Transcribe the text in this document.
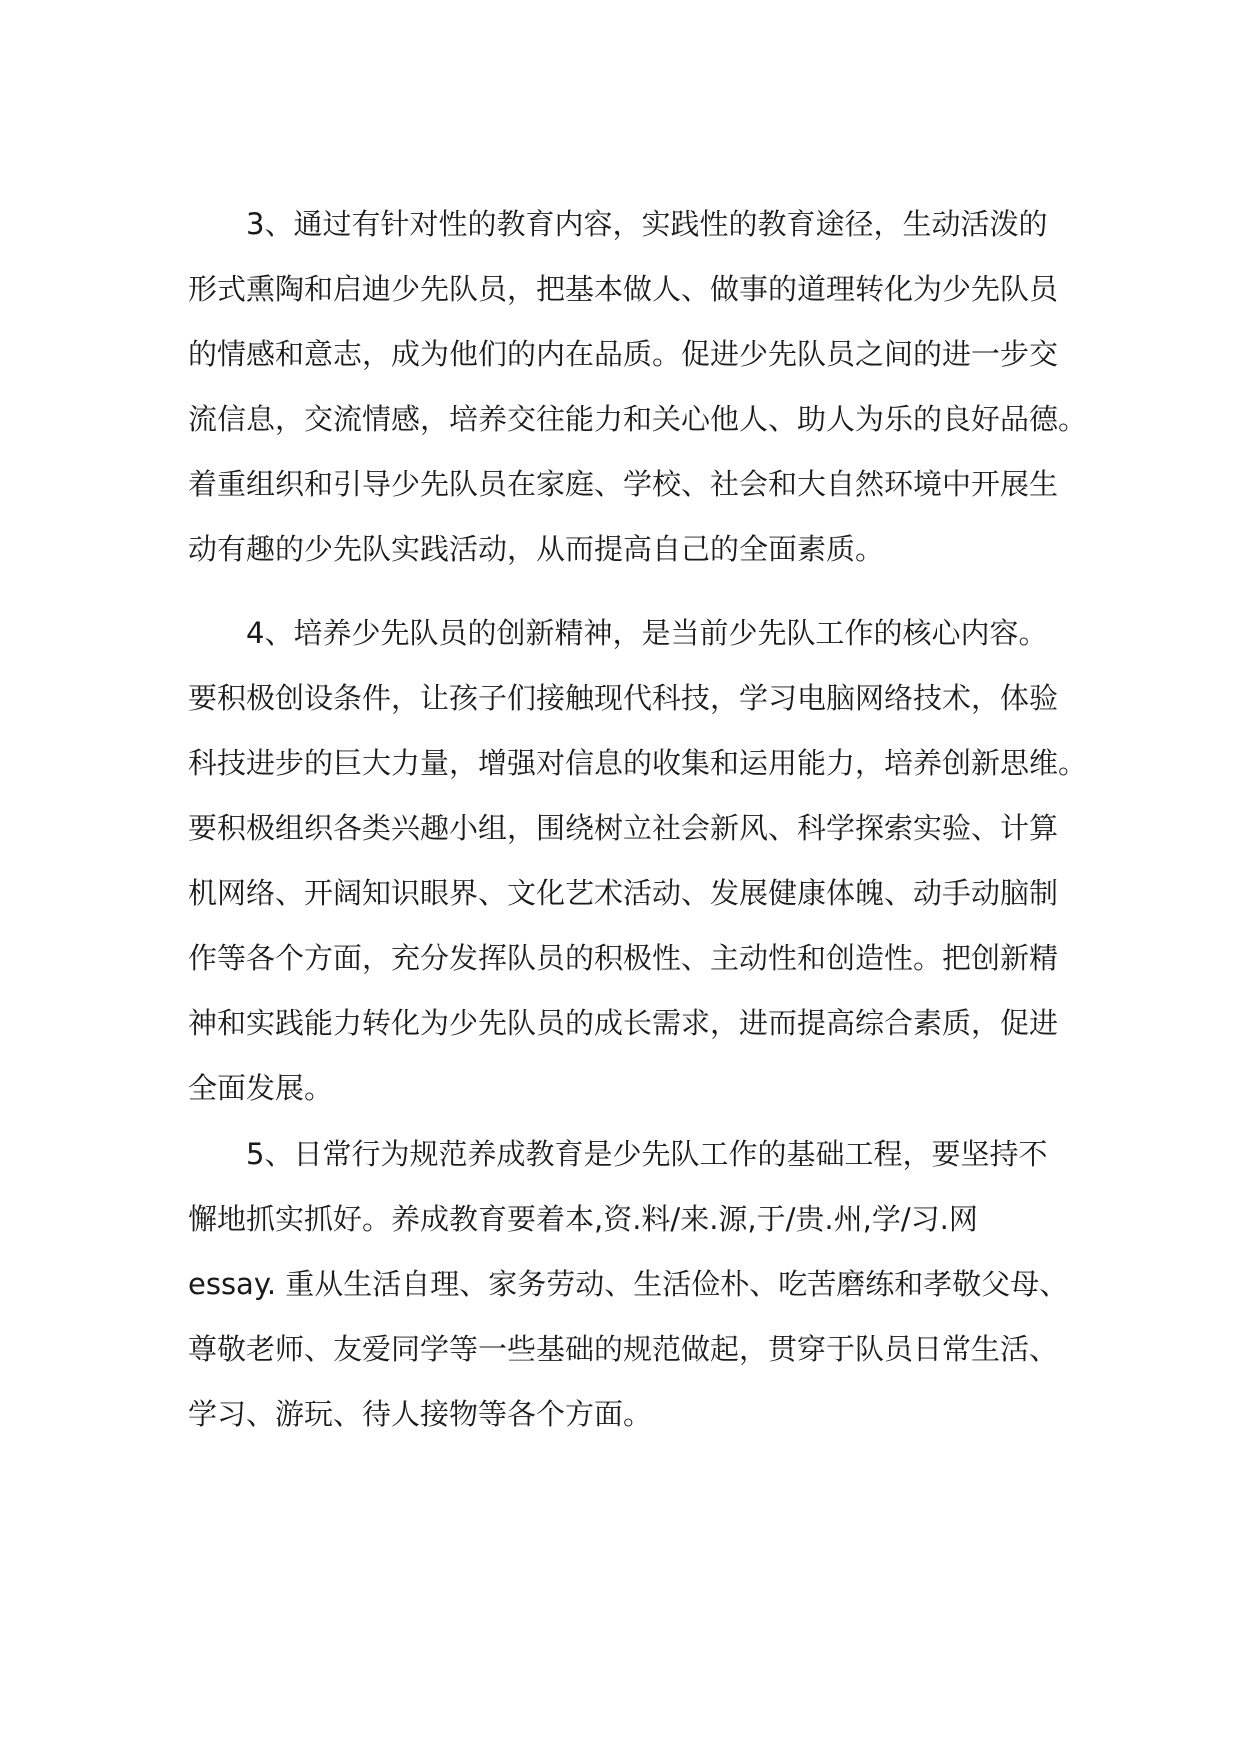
3、通过有针对性的教育内容，实践性的教育途径，生动活泼的
形式熏陶和启迪少先队员，把基本做人、做事的道理转化为少先队员
的情感和意志，成为他们的内在品质。促进少先队员之间的进一步交
流信息，交流情感，培养交往能力和关心他人、助人为乐的良好品德。
着重组织和引导少先队员在家庭、学校、社会和大自然环境中开展生
动有趣的少先队实践活动，从而提高自己的全面素质。
4、培养少先队员的创新精神，是当前少先队工作的核心内容。
要积极创设条件，让孩子们接触现代科技，学习电脑网络技术，体验
科技进步的巨大力量，增强对信息的收集和运用能力，培养创新思维。
要积极组织各类兴趣小组，围绕树立社会新风、科学探索实验、计算
机网络、开阔知识眼界、文化艺术活动、发展健康体魄、动手动脑制
作等各个方面，充分发挥队员的积极性、主动性和创造性。把创新精
神和实践能力转化为少先队员的成长需求，进而提高综合素质，促进
全面发展。
5、日常行为规范养成教育是少先队工作的基础工程，要坚持不
懈地抓实抓好。养成教育要着本,资.料/来.源,于/贵.州,学/习.网
essay. 重从生活自理、家务劳动、生活俭朴、吃苦磨练和孝敬父母、
尊敬老师、友爱同学等一些基础的规范做起，贯穿于队员日常生活、
学习、游玩、待人接物等各个方面。
